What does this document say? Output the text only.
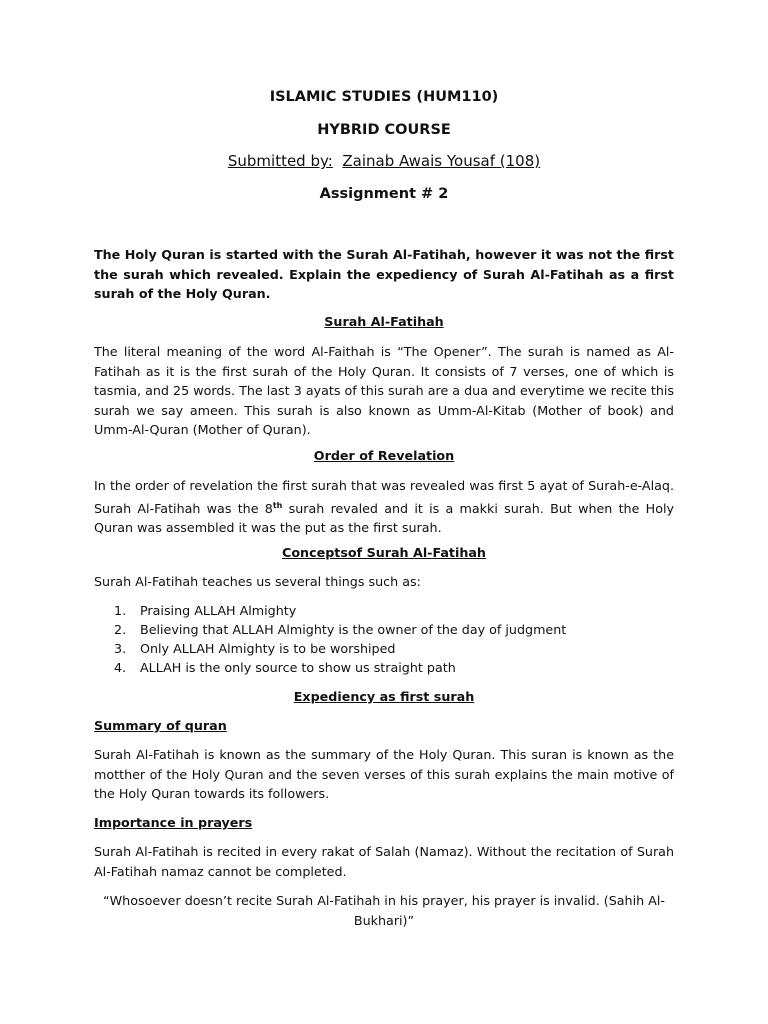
ISLAMIC STUDIES (HUM110)

HYBRID COURSE

Submitted by: Zainab Awais Yousaf (108)

Assignment # 2

The Holy Quran is started with the Surah Al-Fatihah, however it was not the first the surah which revealed. Explain the expediency of Surah Al-Fatihah as a first surah of the Holy Quran.

Surah Al-Fatihah

The literal meaning of the word Al-Faithah is “The Opener”. The surah is named as Al-Fatihah as it is the first surah of the Holy Quran. It consists of 7 verses, one of which is tasmia, and 25 words. The last 3 ayats of this surah are a dua and everytime we recite this surah we say ameen. This surah is also known as Umm-Al-Kitab (Mother of book) and Umm-Al-Quran (Mother of Quran).

Order of Revelation

In the order of revelation the first surah that was revealed was first 5 ayat of Surah-e-Alaq. Surah Al-Fatihah was the 8th surah revaled and it is a makki surah. But when the Holy Quran was assembled it was the put as the first surah.

Conceptsof Surah Al-Fatihah

Surah Al-Fatihah teaches us several things such as:

1. Praising ALLAH Almighty
2. Believing that ALLAH Almighty is the owner of the day of judgment
3. Only ALLAH Almighty is to be worshiped
4. ALLAH is the only source to show us straight path

Expediency as first surah

Summary of quran

Surah Al-Fatihah is known as the summary of the Holy Quran. This suran is known as the motther of the Holy Quran and the seven verses of this surah explains the main motive of the Holy Quran towards its followers.

Importance in prayers

Surah Al-Fatihah is recited in every rakat of Salah (Namaz). Without the recitation of Surah Al-Fatihah namaz cannot be completed.

“Whosoever doesn’t recite Surah Al-Fatihah in his prayer, his prayer is invalid. (Sahih Al-Bukhari)”
